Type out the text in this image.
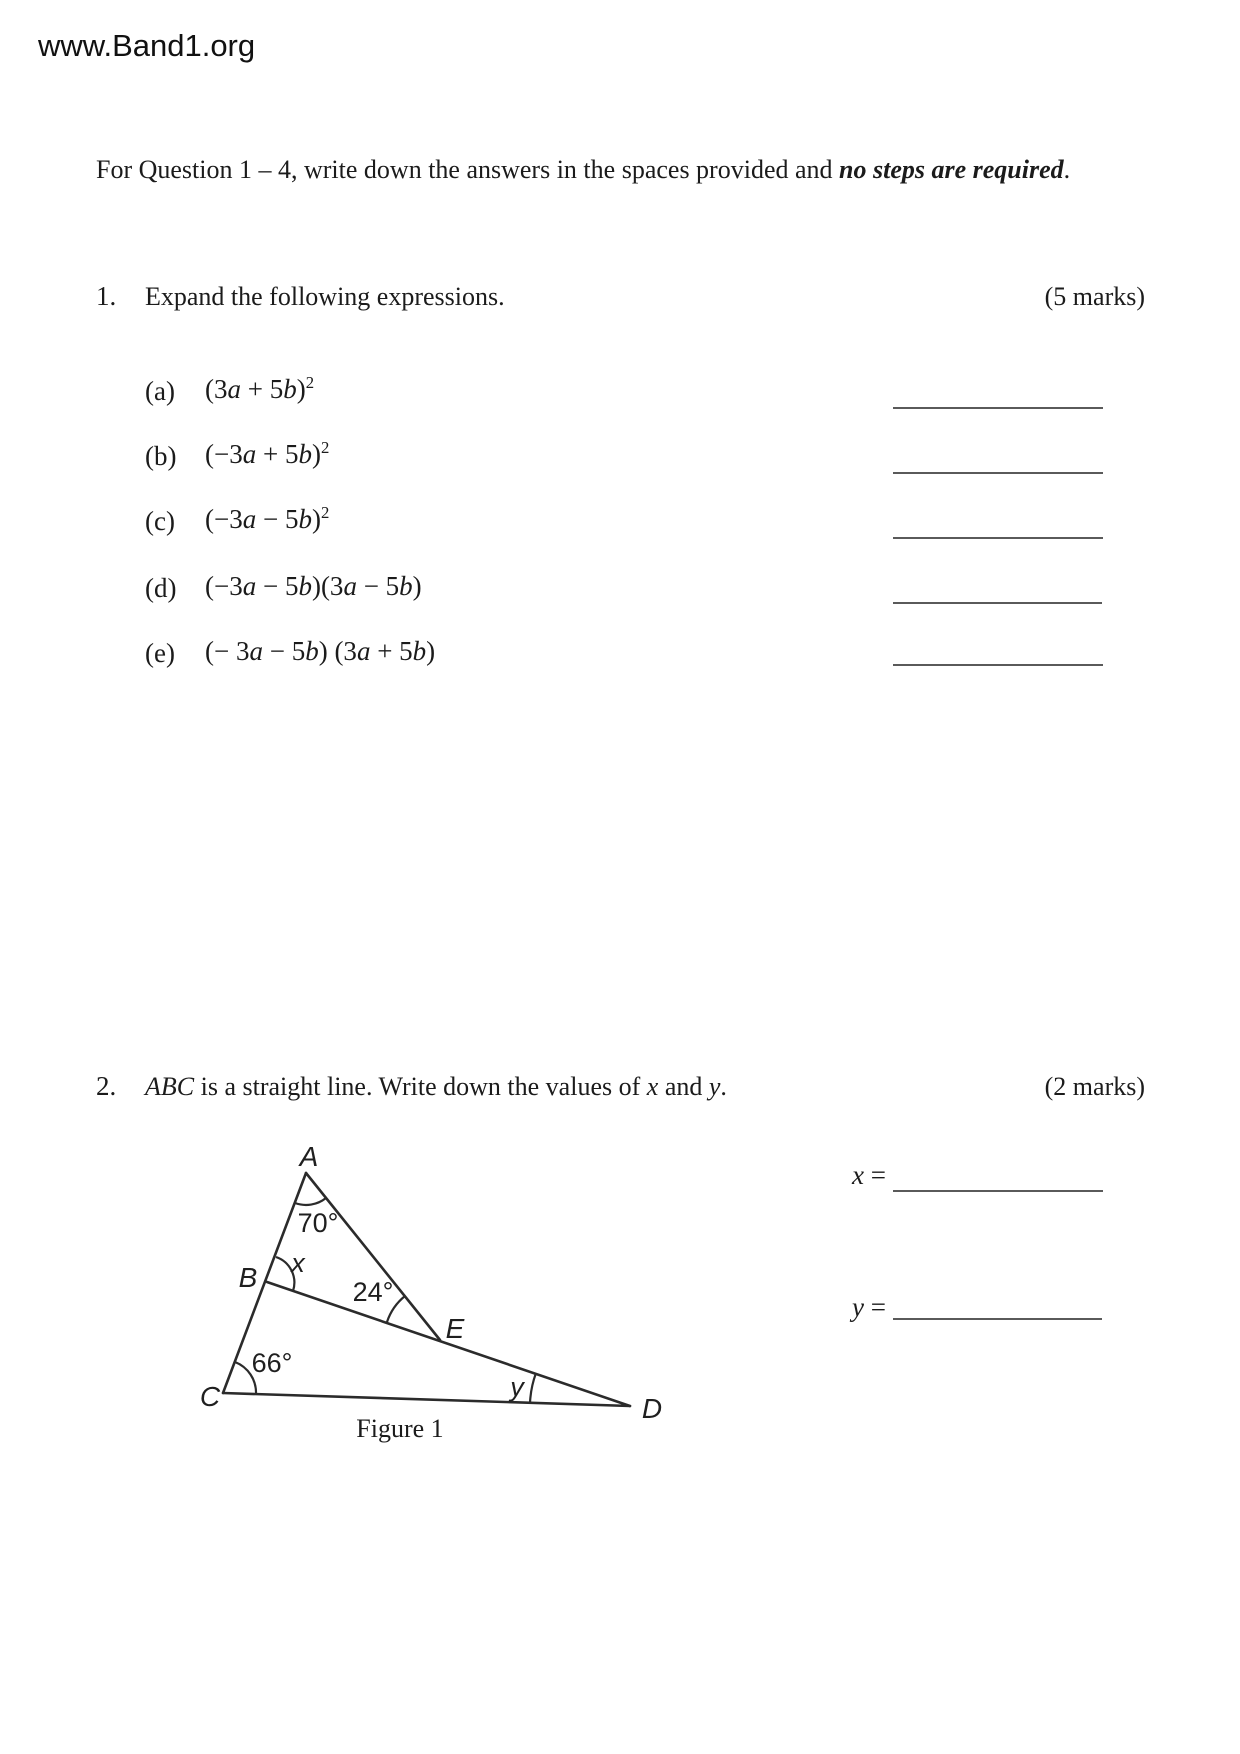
www.Band1.org
For Question 1 – 4, write down the answers in the spaces provided and no steps are required.
1. Expand the following expressions.	(5 marks)
(a) $(3a + 5b)^2$
(b) $(-3a + 5b)^2$
(c) $(-3a - 5b)^2$
(d) (−3a − 5b)(3a − 5b)
(e) (− 3a − 5b) (3a + 5b)
2. ABC is a straight line. Write down the values of x and y.	(2 marks)
A
B
C	D
E
x
y
70°
24°
66°
Figure 1
x =
y =
